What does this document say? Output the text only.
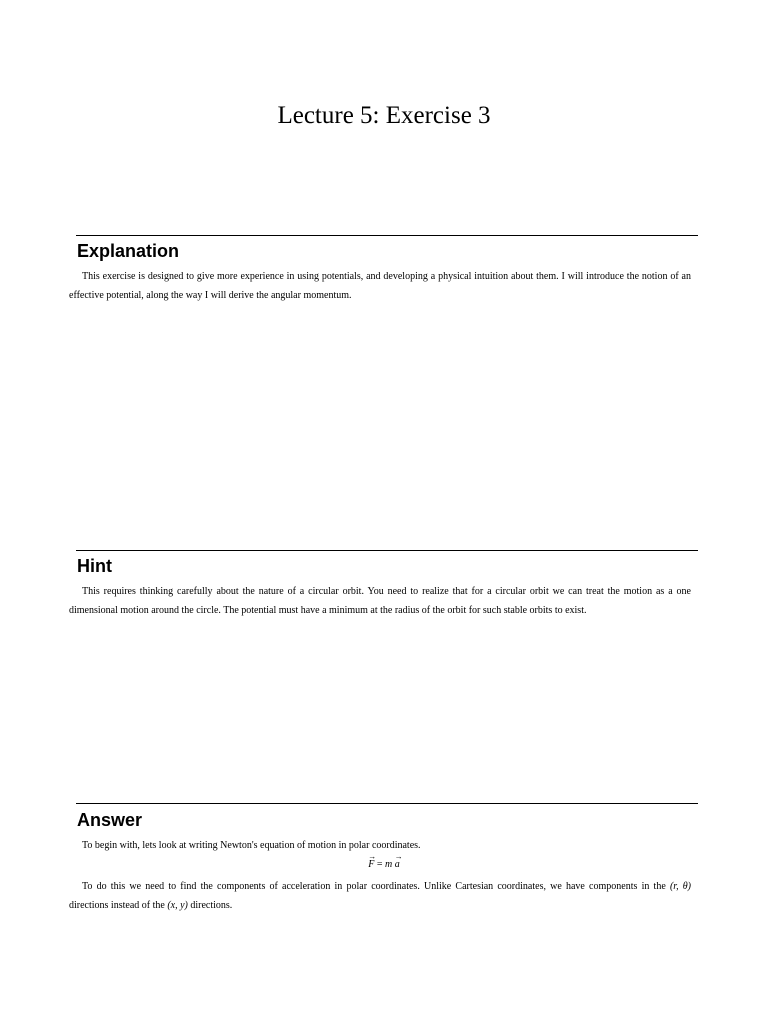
Lecture 5: Exercise 3
Explanation
This exercise is designed to give more experience in using potentials, and developing a physical intuition about them. I will introduce the notion of an effective potential, along the way I will derive the angular momentum.
Hint
This requires thinking carefully about the nature of a circular orbit. You need to realize that for a circular orbit we can treat the motion as a one dimensional motion around the circle. The potential must have a minimum at the radius of the orbit for such stable orbits to exist.
Answer
To begin with, lets look at writing Newton's equation of motion in polar coordinates.
→ F = m → a
To do this we need to find the components of acceleration in polar coordinates. Unlike Cartesian coordinates, we have components in the (r, θ) directions instead of the (x, y) directions.
